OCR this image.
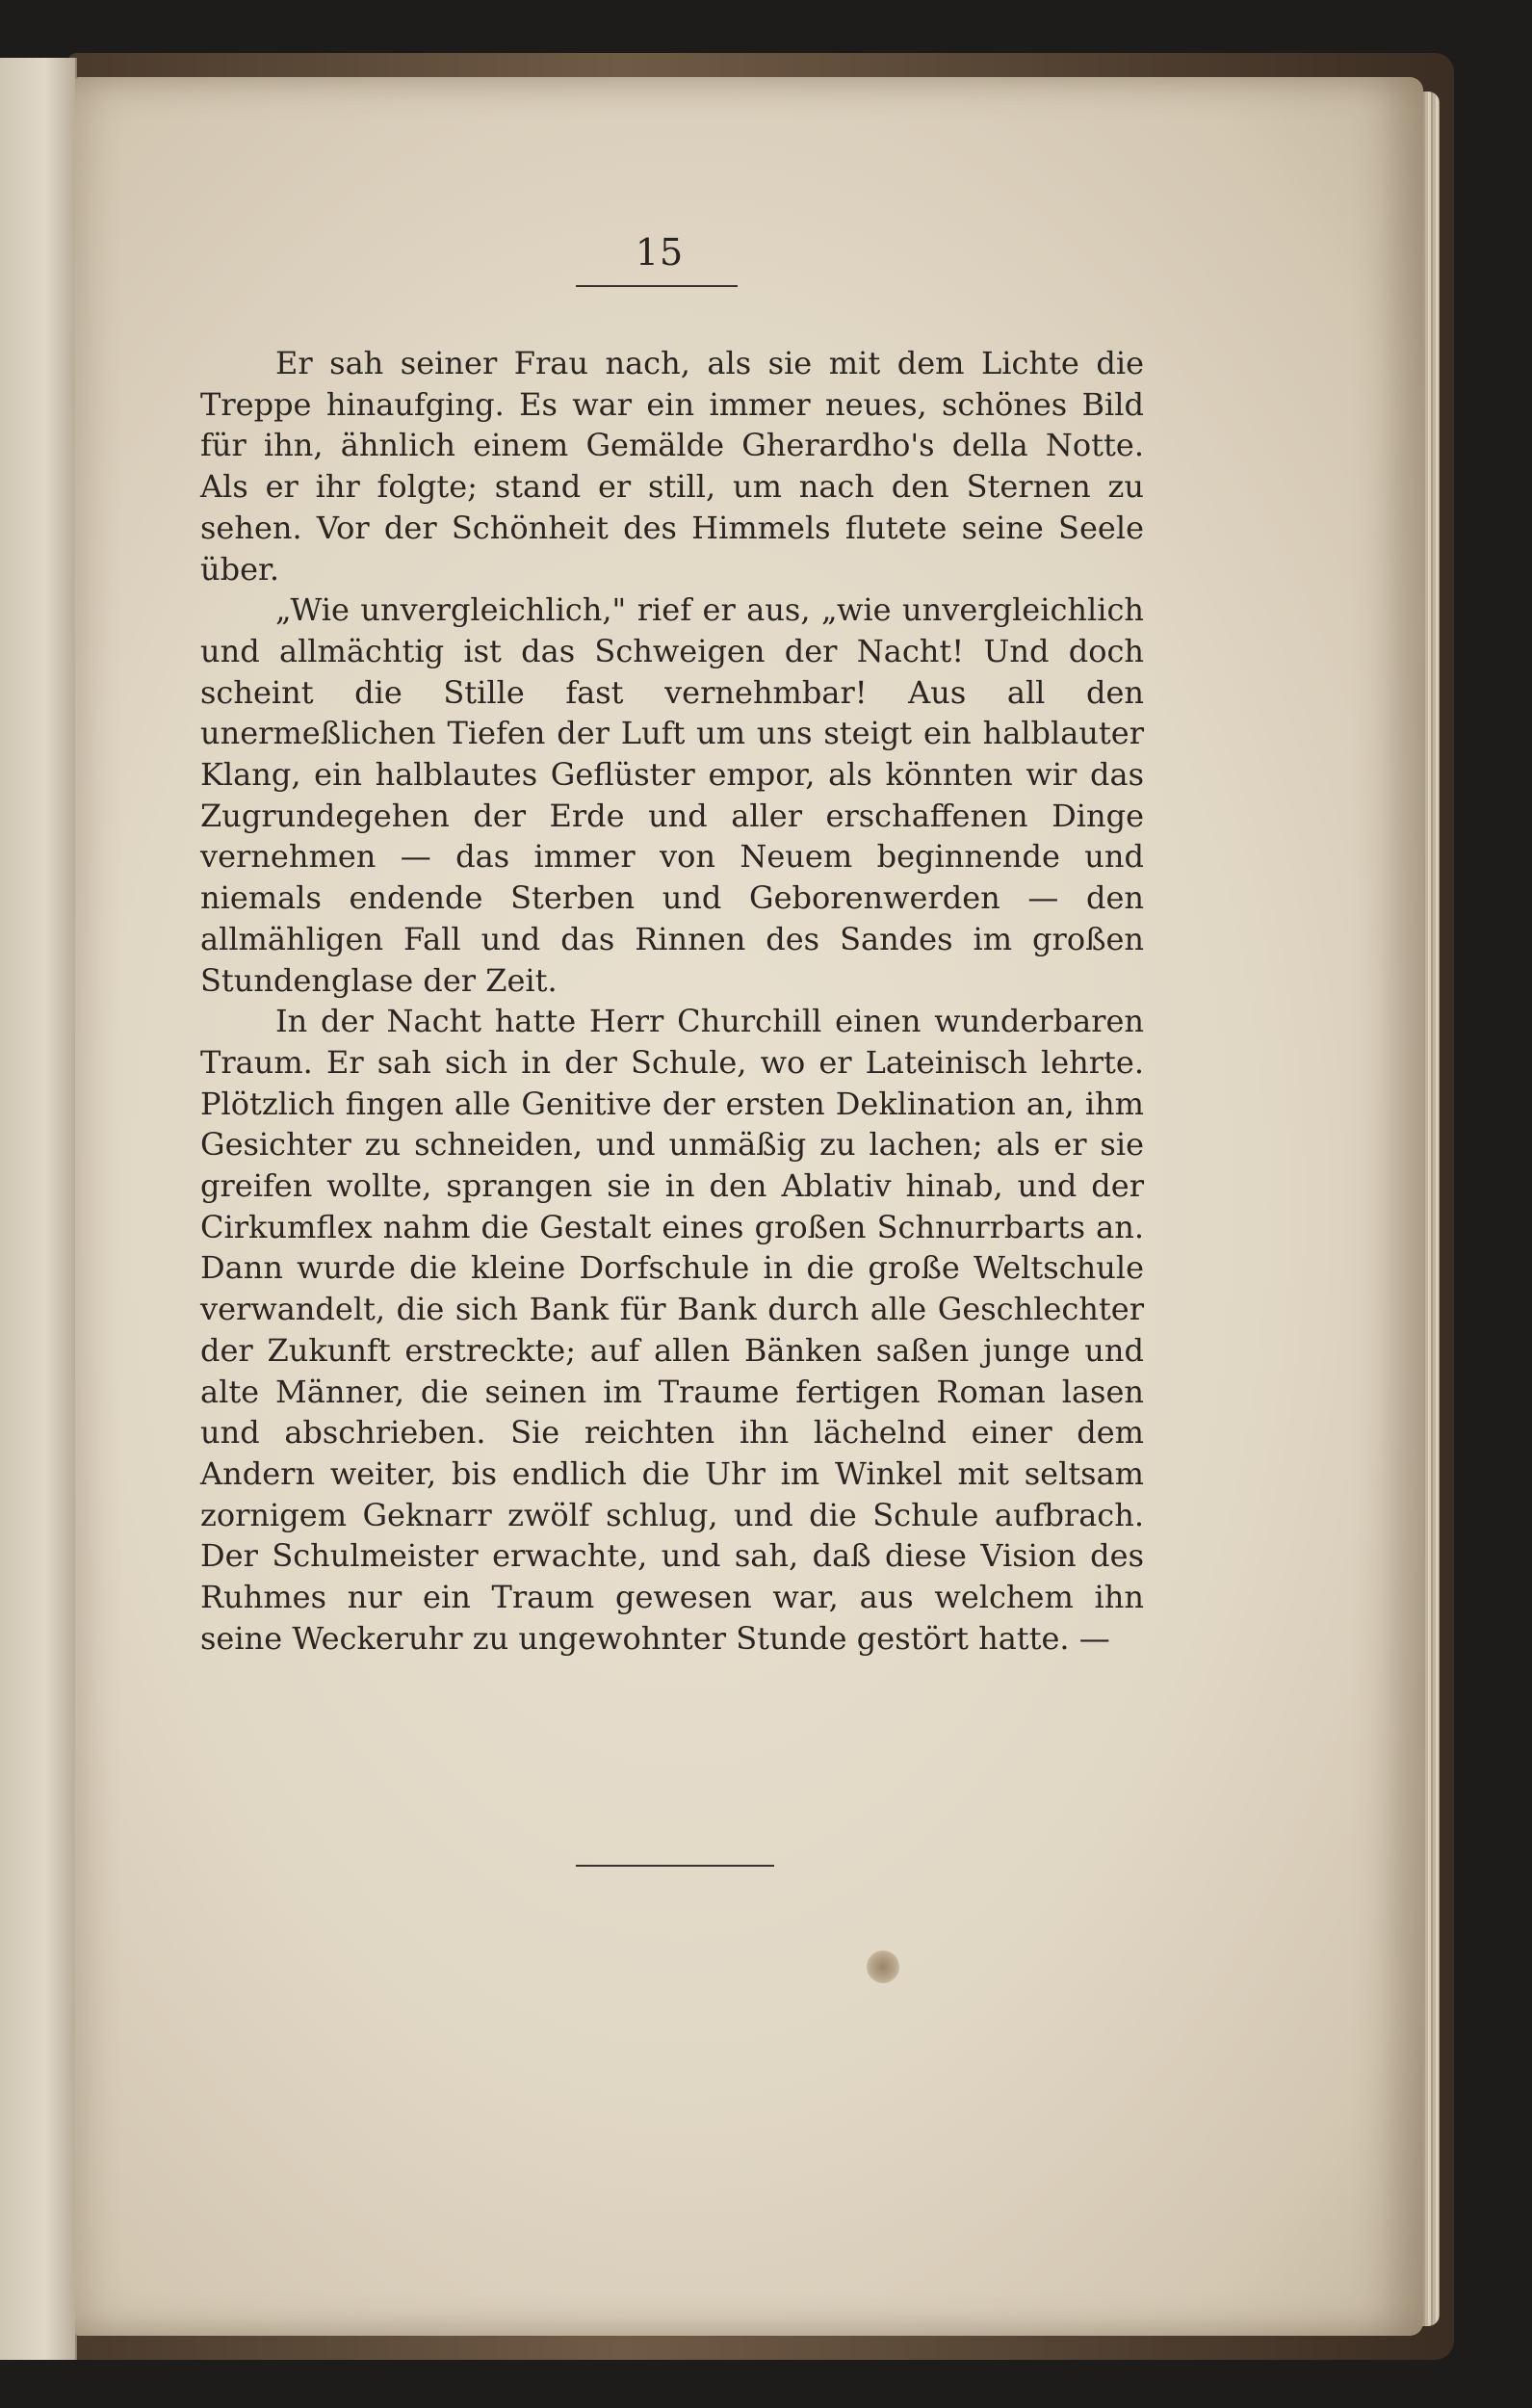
15

Er sah seiner Frau nach, als sie mit dem Lichte die Treppe hinaufging. Es war ein immer neues, schönes Bild für ihn, ähnlich einem Gemälde Gherardho's della Notte. Als er ihr folgte; stand er still, um nach den Sternen zu sehen. Vor der Schönheit des Himmels flutete seine Seele über.

„Wie unvergleichlich," rief er aus, „wie unvergleichlich und allmächtig ist das Schweigen der Nacht! Und doch scheint die Stille fast vernehmbar! Aus all den unermeßlichen Tiefen der Luft um uns steigt ein halblauter Klang, ein halblautes Geflüster empor, als könnten wir das Zugrundegehen der Erde und aller erschaffenen Dinge vernehmen — das immer von Neuem beginnende und niemals endende Sterben und Geborenwerden — den allmähligen Fall und das Rinnen des Sandes im großen Stundenglase der Zeit.

In der Nacht hatte Herr Churchill einen wunderbaren Traum. Er sah sich in der Schule, wo er Lateinisch lehrte. Plötzlich fingen alle Genitive der ersten Deklination an, ihm Gesichter zu schneiden, und unmäßig zu lachen; als er sie greifen wollte, sprangen sie in den Ablativ hinab, und der Cirkumflex nahm die Gestalt eines großen Schnurrbarts an. Dann wurde die kleine Dorfschule in die große Weltschule verwandelt, die sich Bank für Bank durch alle Geschlechter der Zukunft erstreckte; auf allen Bänken saßen junge und alte Männer, die seinen im Traume fertigen Roman lasen und abschrieben. Sie reichten ihn lächelnd einer dem Andern weiter, bis endlich die Uhr im Winkel mit seltsam zornigem Geknarr zwölf schlug, und die Schule aufbrach. Der Schulmeister erwachte, und sah, daß diese Vision des Ruhmes nur ein Traum gewesen war, aus welchem ihn seine Weckeruhr zu ungewohnter Stunde gestört hatte. —
